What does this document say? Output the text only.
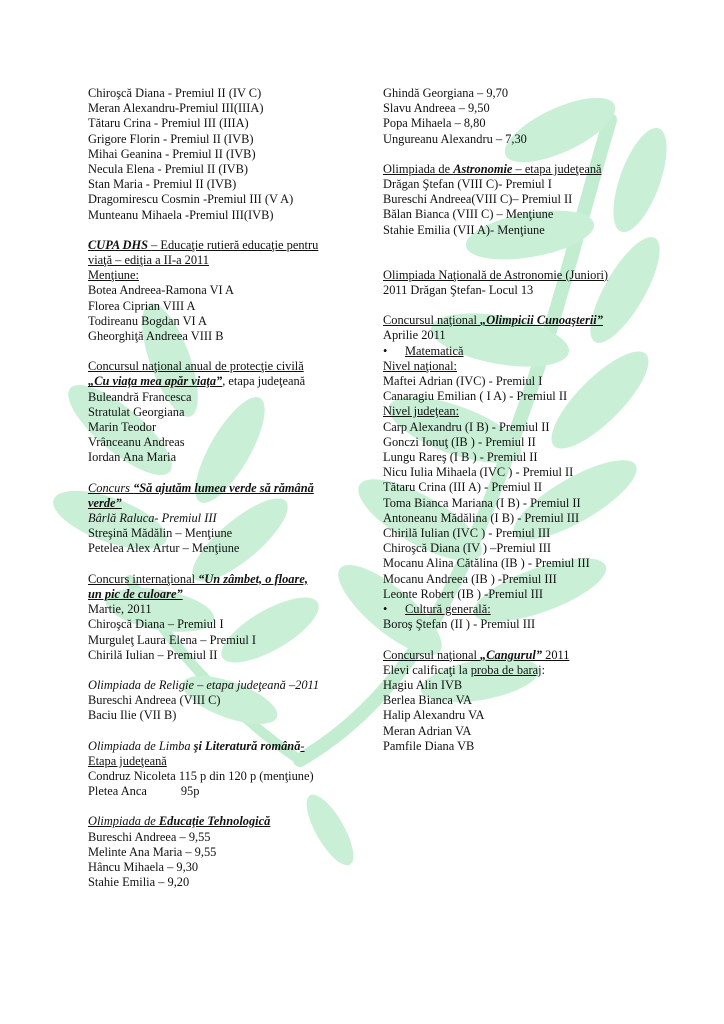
Chiroşcă Diana - Premiul II (IV C)
Meran Alexandru-Premiul III(IIIA)
Tătaru Crina - Premiul III (IIIA)
Grigore Florin - Premiul II (IVB)
Mihai Geanina - Premiul II (IVB)
Necula Elena - Premiul II (IVB)
Stan Maria - Premiul II (IVB)
Dragomirescu Cosmin -Premiul III (V A)
Munteanu Mihaela -Premiul III(IVB)
CUPA DHS – Educaţie rutieră educaţie pentru
viaţă – ediţia a II-a 2011
Menţiune:
Botea Andreea-Ramona VI A
Florea Ciprian VIII A
Todireanu Bogdan VI A
Gheorghiţă Andreea VIII B
Concursul naţional anual de protecţie civilă
„Cu viaţa mea apăr viaţa”, etapa judeţeană
Buleandră Francesca
Stratulat Georgiana
Marin Teodor
Vrânceanu Andreas
Iordan Ana Maria
Concurs “Să ajutăm lumea verde să rămână
verde”
Bârlă Raluca- Premiul III
Streşină Mădălin – Menţiune
Petelea Alex Artur – Menţiune
Concurs internaţional “Un zâmbet, o floare,
un pic de culoare”
Martie, 2011
Chiroşcă Diana – Premiul I
Murguleţ Laura Elena – Premiul I
Chirilă Iulian – Premiul II
Olimpiada de Religie – etapa judeţeană –2011
Bureschi Andreea (VIII C)
Baciu Ilie (VII B)
Olimpiada de Limba şi Literatură română-
Etapa judeţeană
Condruz Nicoleta 115 p din 120 p (menţiune)
Pletea Anca	95p
Olimpiada de Educaţie Tehnologică
Bureschi Andreea – 9,55
Melinte Ana Maria – 9,55
Hâncu Mihaela – 9,30
Stahie Emilia – 9,20
Ghindă Georgiana – 9,70
Slavu Andreea – 9,50
Popa Mihaela – 8,80
Ungureanu Alexandru – 7,30
Olimpiada de Astronomie – etapa judeţeană
Drăgan Ştefan (VIII C)- Premiul I
Bureschi Andreea(VIII C)– Premiul II
Bălan Bianca (VIII C) – Menţiune
Stahie Emilia (VII A)- Menţiune
Olimpiada Naţională de Astronomie (Juniori)
2011 Drăgan Ştefan- Locul 13
Concursul naţional „Olimpicii Cunoaşterii”
Aprilie 2011
• Matematică
Nivel naţional:
Maftei Adrian (IVC) - Premiul I
Canaragiu Emilian ( I A) - Premiul II
Nivel judeţean:
Carp Alexandru (I B) - Premiul II
Gonczi Ionuţ (IB ) - Premiul II
Lungu Rareş (I B ) - Premiul II
Nicu Iulia Mihaela (IVC ) - Premiul II
Tătaru Crina (III A) - Premiul II
Toma Bianca Mariana (I B) - Premiul II
Antoneanu Mădălina (I B) - Premiul III
Chirilă Iulian (IVC ) - Premiul III
Chiroşcă Diana (IV ) –Premiul III
Mocanu Alina Cătălina (IB ) - Premiul III
Mocanu Andreea (IB ) -Premiul III
Leonte Robert (IB ) -Premiul III
• Cultură generală:
Boroş Ştefan (II ) - Premiul III
Concursul naţional „Cangurul” 2011
Elevi calificaţi la proba de baraj:
Hagiu Alin IVB
Berlea Bianca VA
Halip Alexandru VA
Meran Adrian VA
Pamfile Diana VB
